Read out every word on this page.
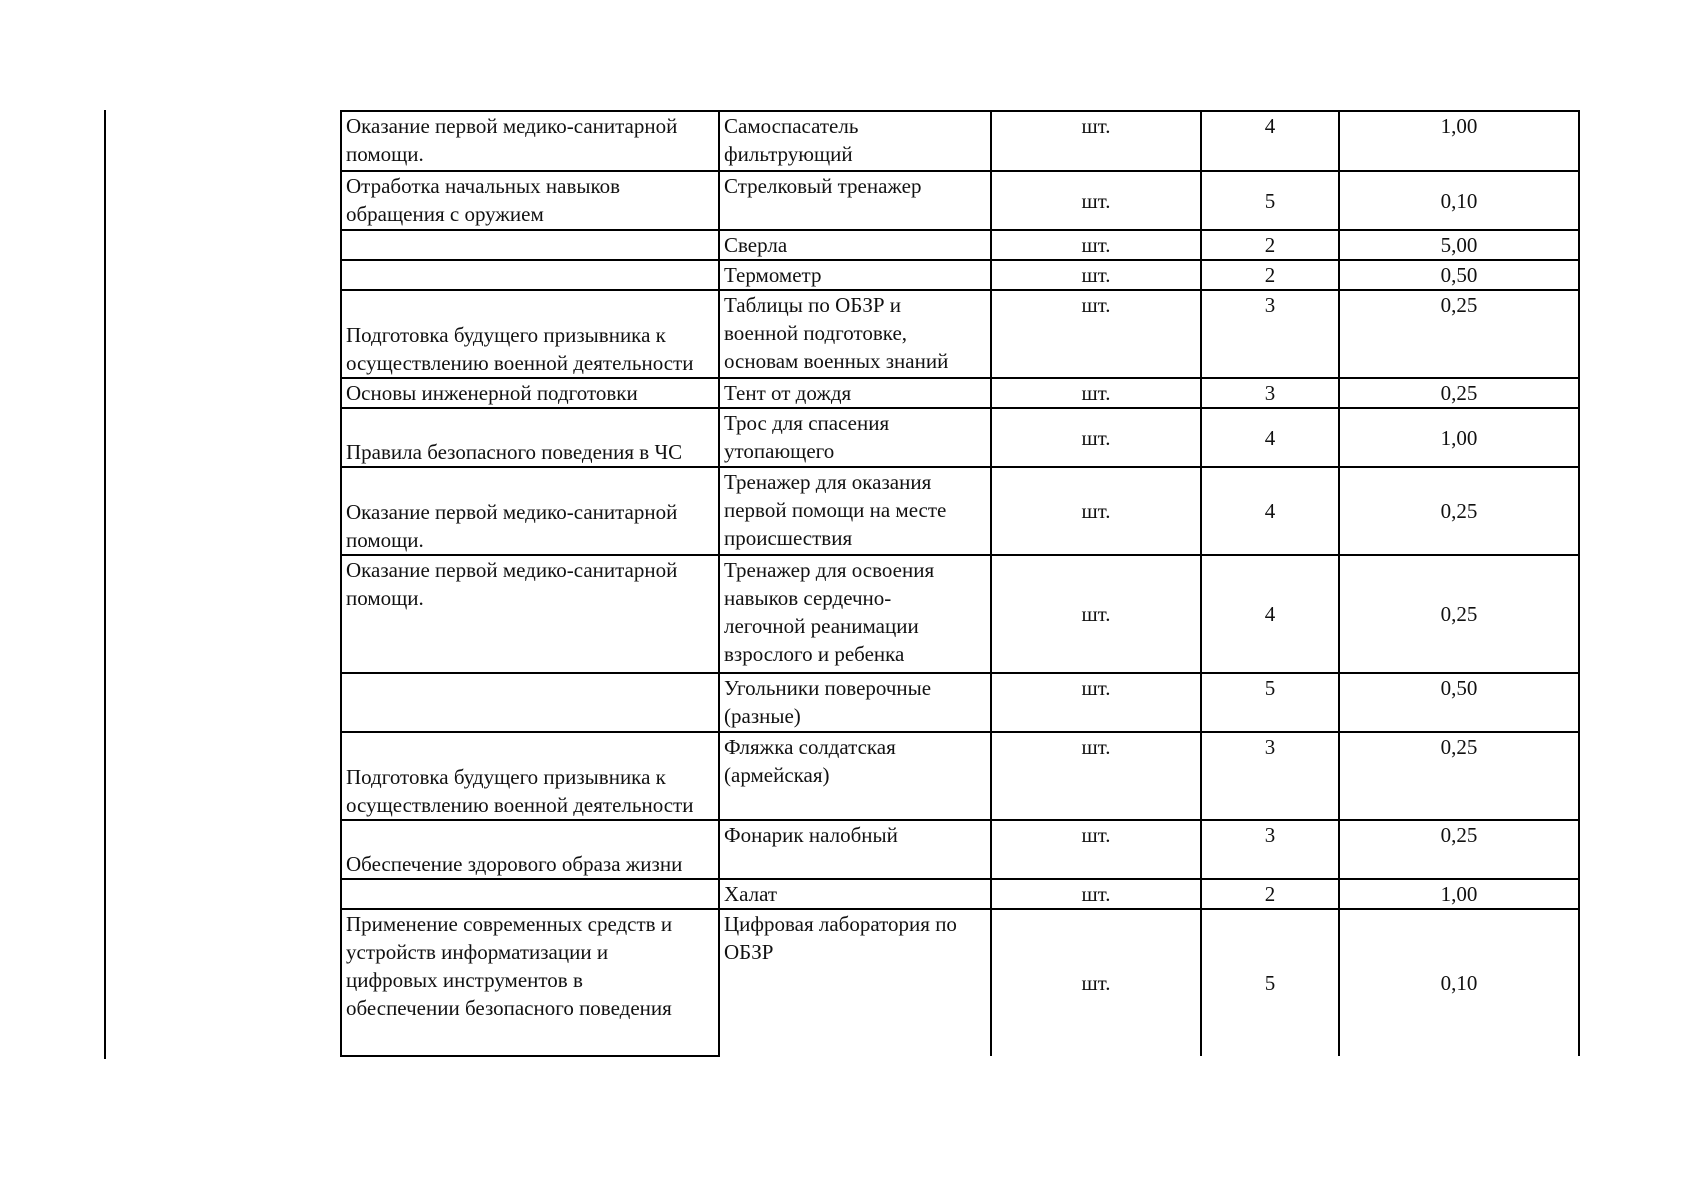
Оказание первой медико-санитарной
помощи.	Самоспасатель
фильтрующий	шт.	4	1,00

Отработка начальных навыков
обращения с оружием	Стрелковый тренажер	шт.	5	0,10

	Сверла	шт.	2	5,00

	Термометр	шт.	2	0,50

Подготовка будущего призывника к
осуществлению военной деятельности	Таблицы по ОБЗР и
военной подготовке,
основам военных знаний	шт.	3	0,25

Основы инженерной подготовки	Тент от дождя	шт.	3	0,25

Правила безопасного поведения в ЧС	Трос для спасения
утопающего	шт.	4	1,00

Оказание первой медико-санитарной
помощи.	Тренажер для оказания
первой помощи на месте
происшествия	шт.	4	0,25

Оказание первой медико-санитарной
помощи.	Тренажер для освоения
навыков сердечно-
легочной реанимации
взрослого и ребенка	шт.	4	0,25

	Угольники поверочные
(разные)	шт.	5	0,50

Подготовка будущего призывника к
осуществлению военной деятельности	Фляжка солдатская
(армейская)	шт.	3	0,25

Обеспечение здорового образа жизни	Фонарик налобный	шт.	3	0,25

	Халат	шт.	2	1,00

Применение современных средств и
устройств информатизации и
цифровых инструментов в
обеспечении безопасного поведения	Цифровая лаборатория по
ОБЗР	шт.	5	0,10
